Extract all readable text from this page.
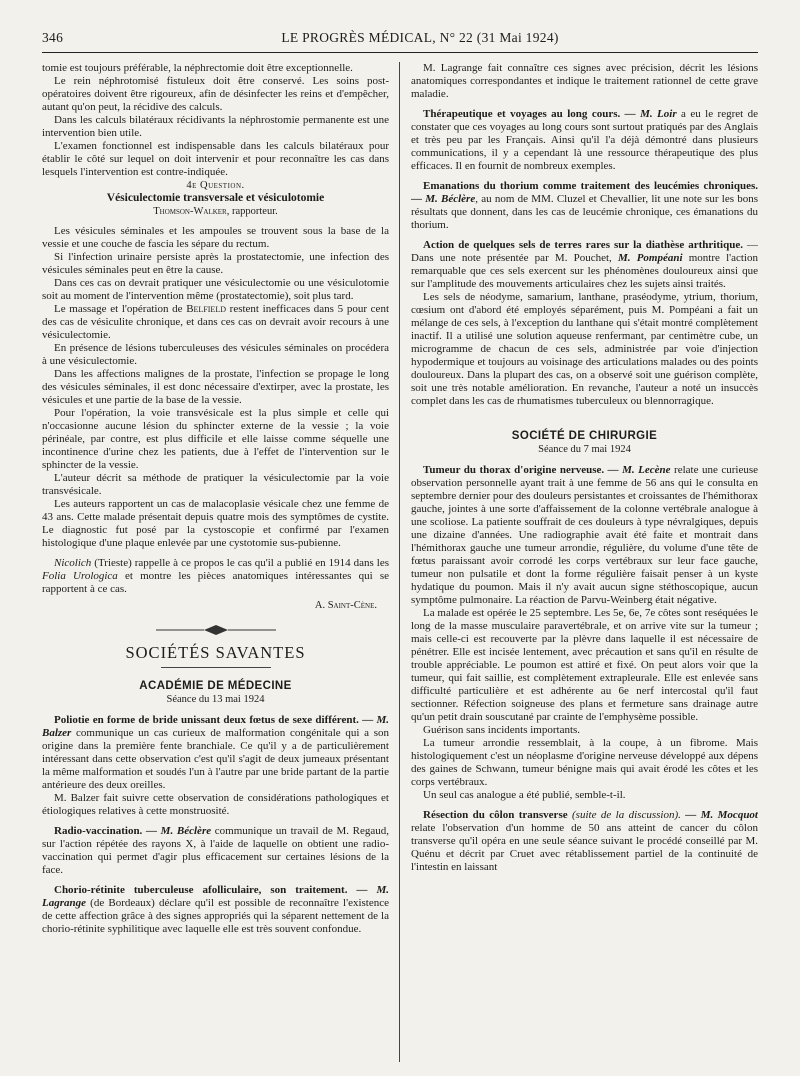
346	LE PROGRÈS MÉDICAL, N° 22 (31 Mai 1924)

tomie est toujours préférable, la néphrectomie doit être exceptionnelle.

Le rein néphrotomisé fistuleux doit être conservé. Les soins post-opératoires doivent être rigoureux, afin de désinfecter les reins et d'empêcher, autant qu'on peut, la récidive des calculs.

Dans les calculs bilatéraux récidivants la néphrostomie permanente est une intervention bien utile.

L'examen fonctionnel est indispensable dans les calculs bilatéraux pour établir le côté sur lequel on doit intervenir et pour reconnaître les cas dans lesquels l'intervention est contre-indiquée.

4e Question.

Vésiculectomie transversale et vésiculotomie

Thomson-Walker, rapporteur.

Les vésicules séminales et les ampoules se trouvent sous la base de la vessie et une couche de fascia les sépare du rectum.

Si l'infection urinaire persiste après la prostatectomie, une infection des vésicules séminales peut en être la cause.

Dans ces cas on devrait pratiquer une vésiculectomie ou une vésiculotomie soit au moment de l'intervention même (prostatectomie), soit plus tard.

Le massage et l'opération de Belfield restent inefficaces dans 5 pour cent des cas de vésiculite chronique, et dans ces cas on devrait avoir recours à une vésiculectomie.

En présence de lésions tuberculeuses des vésicules séminales on procédera à une vésiculectomie.

Dans les affections malignes de la prostate, l'infection se propage le long des vésicules séminales, il est donc nécessaire d'extirper, avec la prostate, les vésicules et une partie de la base de la vessie.

Pour l'opération, la voie transvésicale est la plus simple et celle qui n'occasionne aucune lésion du sphincter externe de la vessie ; la voie périnéale, par contre, est plus difficile et elle laisse comme séquelle une incontinence d'urine chez les patients, due à l'effet de l'intervention sur le sphincter de la vessie.

L'auteur décrit sa méthode de pratiquer la vésiculectomie par la voie transvésicale.

Les auteurs rapportent un cas de malacoplasie vésicale chez une femme de 43 ans. Cette malade présentait depuis quatre mois des symptômes de cystite. Le diagnostic fut posé par la cystoscopie et confirmé par l'examen histologique d'une plaque enlevée par une cystotomie sus-pubienne.

Nicolich (Trieste) rappelle à ce propos le cas qu'il a publié en 1914 dans les Folia Urologica et montre les pièces anatomiques intéressantes qui se rapportent à ce cas.

A. Saint-Cène.
SOCIÉTÉS SAVANTES
ACADÉMIE DE MÉDECINE
Séance du 13 mai 1924

Poliotie en forme de bride unissant deux fœtus de sexe différent. — M. Balzer communique un cas curieux de malformation congénitale qui a son origine dans la première fente branchiale. Ce qu'il y a de particulièrement intéressant dans cette observation c'est qu'il s'agit de deux jumeaux présentant la même malformation et soudés l'un à l'autre par une bride partant de la partie antérieure des deux oreilles.

M. Balzer fait suivre cette observation de considérations pathologiques et étiologiques relatives à cette monstruosité.

Radio-vaccination. — M. Béclère communique un travail de M. Regaud, sur l'action répétée des rayons X, à l'aide de laquelle on obtient une radio-vaccination qui permet d'agir plus efficacement sur certaines lésions de la face.

Chorio-rétinite tuberculeuse afolliculaire, son traitement. — M. Lagrange (de Bordeaux) déclare qu'il est possible de reconnaître l'existence de cette affection grâce à des signes appropriés qui la séparent nettement de la chorio-rétinite syphilitique avec laquelle elle est très souvent confondue.

M. Lagrange fait connaître ces signes avec précision, décrit les lésions anatomiques correspondantes et indique le traitement rationnel de cette grave maladie.

Thérapeutique et voyages au long cours. — M. Loir a eu le regret de constater que ces voyages au long cours sont surtout pratiqués par des Anglais et très peu par les Français. Ainsi qu'il l'a déjà démontré dans plusieurs communications, il y a cependant là une ressource thérapeutique des plus efficaces. Il en fournit de nombreux exemples.

Emanations du thorium comme traitement des leucémies chroniques. — M. Béclère, au nom de MM. Cluzel et Chevallier, lit une note sur les bons résultats que donnent, dans les cas de leucémie chronique, ces émanations du thorium.

Action de quelques sels de terres rares sur la diathèse arthritique. — Dans une note présentée par M. Pouchet, M. Pompéani montre l'action remarquable que ces sels exercent sur les phénomènes douloureux ainsi que sur l'amplitude des mouvements articulaires chez les sujets ainsi traités.

Les sels de néodyme, samarium, lanthane, praséodyme, ytrium, thorium, cœsium ont d'abord été employés séparément, puis M. Pompéani a fait un mélange de ces sels, à l'exception du lanthane qui s'était montré complètement inactif. Il a utilisé une solution aqueuse renfermant, par centimètre cube, un microgramme de chacun de ces sels, administrée par voie d'injection hypodermique et toujours au voisinage des articulations malades ou des points douloureux. Dans la plupart des cas, on a observé soit une guérison complète, soit une très notable amélioration. En revanche, l'auteur a noté un insuccès complet dans les cas de rhumatismes tuberculeux ou blennorragique.

SOCIÉTÉ DE CHIRURGIE
Séance du 7 mai 1924

Tumeur du thorax d'origine nerveuse. — M. Lecène relate une curieuse observation personnelle ayant trait à une femme de 56 ans qui le consulta en septembre dernier pour des douleurs persistantes et croissantes de l'hémithorax gauche, jointes à une sorte d'affaissement de la colonne vertébrale analogue à une scoliose. La patiente souffrait de ces douleurs à type névralgiques, depuis une dizaine d'années. Une radiographie avait été faite et montrait dans l'hémithorax gauche une tumeur arrondie, régulière, du volume d'une tête de fœtus paraissant avoir corrodé les corps vertébraux sur leur face gauche, tumeur non pulsatile et dont la forme régulière faisait penser à un kyste hydatique du poumon. Mais il n'y avait aucun signe stéthoscopique, aucun symptôme pulmonaire. La réaction de Parvu-Weinberg était négative.

La malade est opérée le 25 septembre. Les 5e, 6e, 7e côtes sont reséquées le long de la masse musculaire paravertébrale, et on arrive vite sur la tumeur ; mais celle-ci est recouverte par la plèvre dans laquelle il est nécessaire de pénétrer. Elle est incisée lentement, avec précaution et sans qu'il en résulte de trouble appréciable. Le poumon est attiré et fixé. On peut alors voir que la tumeur, qui fait saillie, est complètement extrapleurale. Elle est enlevée sans difficulté particulière et est adhérente au 6e nerf intercostal qu'il faut sectionner. Réfection soigneuse des plans et fermeture sans drainage autre qu'un petit drain souscutané par crainte de l'emphysème possible.

Guérison sans incidents importants.

La tumeur arrondie ressemblait, à la coupe, à un fibrome. Mais histologiquement c'est un néoplasme d'origine nerveuse développé aux dépens des gaines de Schwann, tumeur bénigne mais qui avait érodé les côtes et les corps vertébraux.

Un seul cas analogue a été publié, semble-t-il.

Résection du côlon transverse (suite de la discussion). — M. Mocquot relate l'observation d'un homme de 50 ans atteint de cancer du côlon transverse qu'il opéra en une seule séance suivant le procédé conseillé par M. Quénu et décrit par Cruet avec rétablissement partiel de la continuité de l'intestin en laissant
